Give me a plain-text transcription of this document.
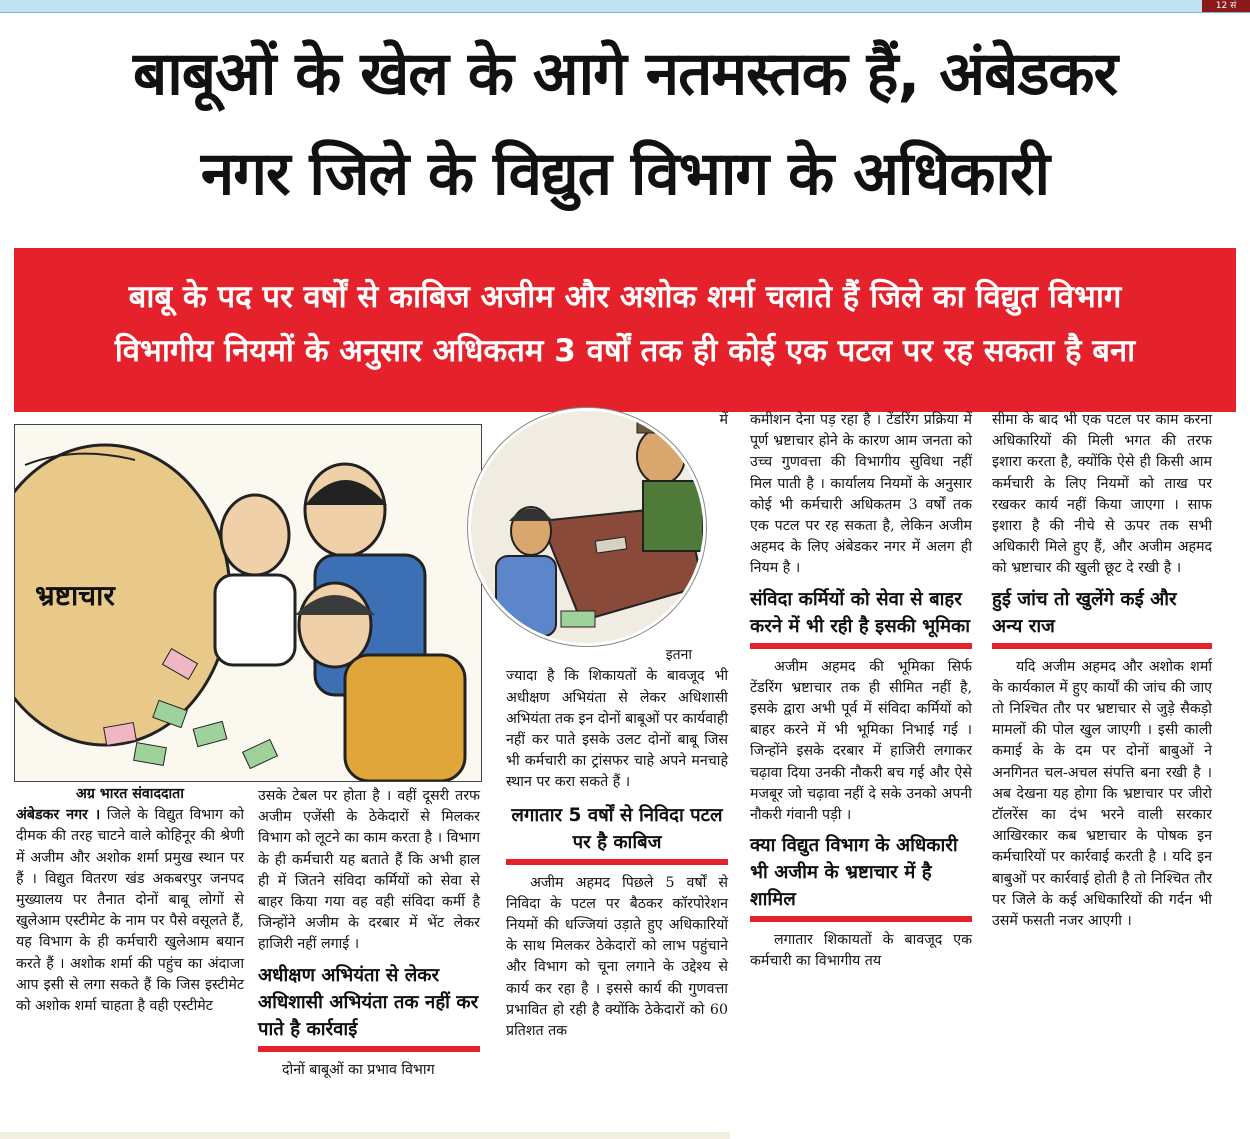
12 सं
बाबूओं के खेल के आगे नतमस्तक हैं, अंबेडकर
नगर जिले के विद्युत विभाग के अधिकारी
बाबू के पद पर वर्षों से काबिज अजीम और अशोक शर्मा चलाते हैं जिले का विद्युत विभाग
विभागीय नियमों के अनुसार अधिकतम 3 वर्षों तक ही कोई एक पटल पर रह सकता है बना
भ्रष्टाचार
अग्र भारत संवाददाता
अंबेडकर नगर । जिले के विद्युत विभाग को दीमक की तरह चाटने वाले कोहिनूर की श्रेणी में अजीम और अशोक शर्मा प्रमुख स्थान पर हैं । विद्युत वितरण खंड अकबरपुर जनपद मुख्यालय पर तैनात दोनों बाबू लोगों से खुलेआम एस्टीमेट के नाम पर पैसे वसूलते हैं, यह विभाग के ही कर्मचारी खुलेआम बयान करते हैं । अशोक शर्मा की पहुंच का अंदाजा आप इसी से लगा सकते हैं कि जिस इस्टीमेट को अशोक शर्मा चाहता है वही एस्टीमेट
उसके टेबल पर होता है । वहीं दूसरी तरफ अजीम एजेंसी के ठेकेदारों से मिलकर विभाग को लूटने का काम करता है । विभाग के ही कर्मचारी यह बताते हैं कि अभी हाल ही में जितने संविदा कर्मियों को सेवा से बाहर किया गया वह वही संविदा कर्मी है जिन्होंने अजीम के दरबार में भेंट लेकर हाजिरी नहीं लगाई ।
अधीक्षण अभियंता से लेकर अधिशासी अभियंता तक नहीं कर पाते है कार्रवाई
दोनों बाबूओं का प्रभाव विभाग
में
इतना
ज्यादा है कि शिकायतों के बावजूद भी अधीक्षण अभियंता से लेकर अधिशासी अभियंता तक इन दोनों बाबूओं पर कार्यवाही नहीं कर पाते इसके उलट दोनों बाबू जिस भी कर्मचारी का ट्रांसफर चाहे अपने मनचाहे स्थान पर करा सकते हैं ।
लगातार 5 वर्षों से निविदा पटल पर है काबिज
अजीम अहमद पिछले 5 वर्षों से निविदा के पटल पर बैठकर कॉरपोरेशन नियमों की धज्जियां उड़ाते हुए अधिकारियों के साथ मिलकर ठेकेदारों को लाभ पहुंचाने और विभाग को चूना लगाने के उद्देश्य से कार्य कर रहा है । इससे कार्य की गुणवत्ता प्रभावित हो रही है क्योंकि ठेकेदारों को 60 प्रतिशत तक
कमीशन देना पड़ रहा है । टेंडरिंग प्रक्रिया में पूर्ण भ्रष्टाचार होने के कारण आम जनता को उच्च गुणवत्ता की विभागीय सुविधा नहीं मिल पाती है । कार्यालय नियमों के अनुसार कोई भी कर्मचारी अधिकतम 3 वर्षों तक एक पटल पर रह सकता है, लेकिन अजीम अहमद के लिए अंबेडकर नगर में अलग ही नियम है ।
संविदा कर्मियों को सेवा से बाहर करने में भी रही है इसकी भूमिका
अजीम अहमद की भूमिका सिर्फ टेंडरिंग भ्रष्टाचार तक ही सीमित नहीं है, इसके द्वारा अभी पूर्व में संविदा कर्मियों को बाहर करने में भी भूमिका निभाई गई । जिन्होंने इसके दरबार में हाजिरी लगाकर चढ़ावा दिया उनकी नौकरी बच गई और ऐसे मजबूर जो चढ़ावा नहीं दे सके उनको अपनी नौकरी गंवानी पड़ी ।
क्या विद्युत विभाग के अधिकारी भी अजीम के भ्रष्टाचार में है शामिल
लगातार शिकायतों के बावजूद एक कर्मचारी का विभागीय तय
सीमा के बाद भी एक पटल पर काम करना अधिकारियों की मिली भगत की तरफ इशारा करता है, क्योंकि ऐसे ही किसी आम कर्मचारी के लिए नियमों को ताख पर रखकर कार्य नहीं किया जाएगा । साफ इशारा है की नीचे से ऊपर तक सभी अधिकारी मिले हुए हैं, और अजीम अहमद को भ्रष्टाचार की खुली छूट दे रखी है ।
हुई जांच तो खुलेंगे कई और अन्य राज
यदि अजीम अहमद और अशोक शर्मा के कार्यकाल में हुए कार्यों की जांच की जाए तो निश्चित तौर पर भ्रष्टाचार से जुड़े सैकड़ो मामलों की पोल खुल जाएगी । इसी काली कमाई के के दम पर दोनों बाबुओं ने अनगिनत चल-अचल संपत्ति बना रखी है । अब देखना यह होगा कि भ्रष्टाचार पर जीरो टॉलरेंस का दंभ भरने वाली सरकार आखिरकार कब भ्रष्टाचार के पोषक इन कर्मचारियों पर कार्रवाई करती है । यदि इन बाबुओं पर कार्रवाई होती है तो निश्चित तौर पर जिले के कई अधिकारियों की गर्दन भी उसमें फसती नजर आएगी ।
